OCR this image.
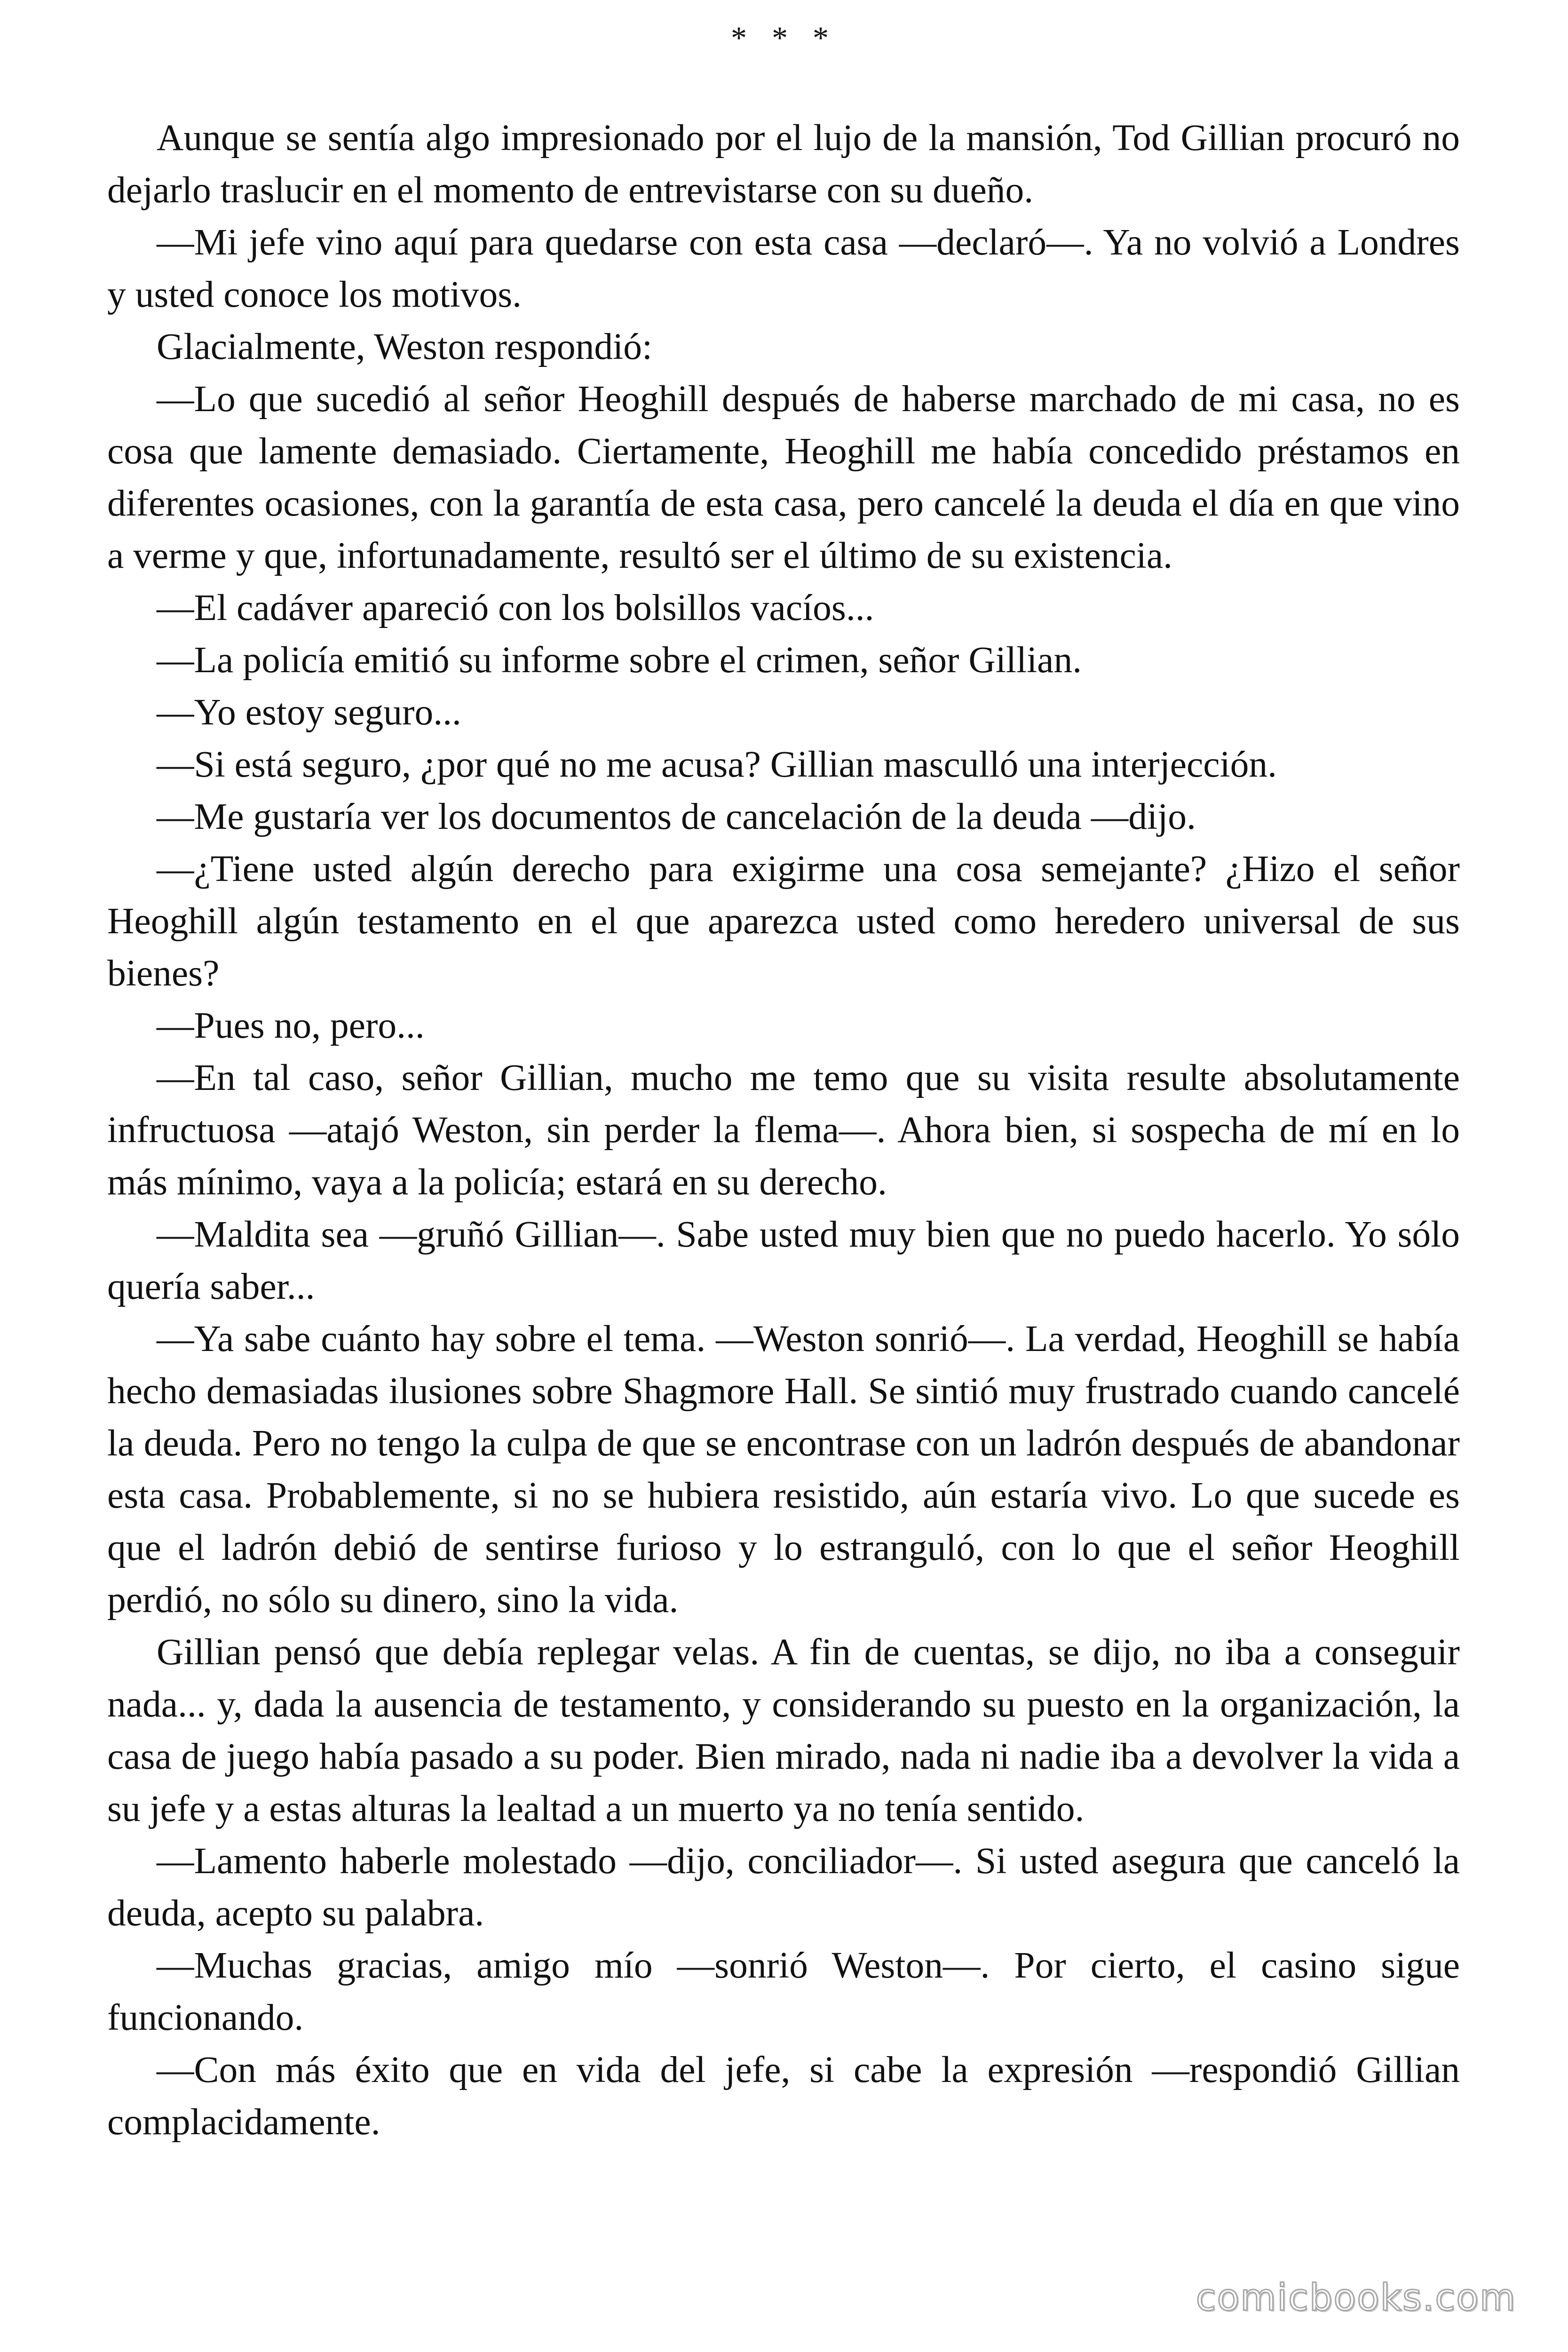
* * *

Aunque se sentía algo impresionado por el lujo de la mansión, Tod Gillian procuró no dejarlo traslucir en el momento de entrevistarse con su dueño.

—Mi jefe vino aquí para quedarse con esta casa —declaró—. Ya no volvió a Londres y usted conoce los motivos.

Glacialmente, Weston respondió:

—Lo que sucedió al señor Heoghill después de haberse marchado de mi casa, no es cosa que lamente demasiado. Ciertamente, Heoghill me había concedido préstamos en diferentes ocasiones, con la garantía de esta casa, pero cancelé la deuda el día en que vino a verme y que, infortunadamente, resultó ser el último de su existencia.

—El cadáver apareció con los bolsillos vacíos...

—La policía emitió su informe sobre el crimen, señor Gillian.

—Yo estoy seguro...

—Si está seguro, ¿por qué no me acusa? Gillian masculló una interjección.

—Me gustaría ver los documentos de cancelación de la deuda —dijo.

—¿Tiene usted algún derecho para exigirme una cosa semejante? ¿Hizo el señor Heoghill algún testamento en el que aparezca usted como heredero universal de sus bienes?

—Pues no, pero...

—En tal caso, señor Gillian, mucho me temo que su visita resulte absolutamente infructuosa —atajó Weston, sin perder la flema—. Ahora bien, si sospecha de mí en lo más mínimo, vaya a la policía; estará en su derecho.

—Maldita sea —gruñó Gillian—. Sabe usted muy bien que no puedo hacerlo. Yo sólo quería saber...

—Ya sabe cuánto hay sobre el tema. —Weston sonrió—. La verdad, Heoghill se había hecho demasiadas ilusiones sobre Shagmore Hall. Se sintió muy frustrado cuando cancelé la deuda. Pero no tengo la culpa de que se encontrase con un ladrón después de abandonar esta casa. Probablemente, si no se hubiera resistido, aún estaría vivo. Lo que sucede es que el ladrón debió de sentirse furioso y lo estranguló, con lo que el señor Heoghill perdió, no sólo su dinero, sino la vida.

Gillian pensó que debía replegar velas. A fin de cuentas, se dijo, no iba a conseguir nada... y, dada la ausencia de testamento, y considerando su puesto en la organización, la casa de juego había pasado a su poder. Bien mirado, nada ni nadie iba a devolver la vida a su jefe y a estas alturas la lealtad a un muerto ya no tenía sentido.

—Lamento haberle molestado —dijo, conciliador—. Si usted asegura que canceló la deuda, acepto su palabra.

—Muchas gracias, amigo mío —sonrió Weston—. Por cierto, el casino sigue funcionando.

—Con más éxito que en vida del jefe, si cabe la expresión —respondió Gillian complacidamente.

comicbooks.com
